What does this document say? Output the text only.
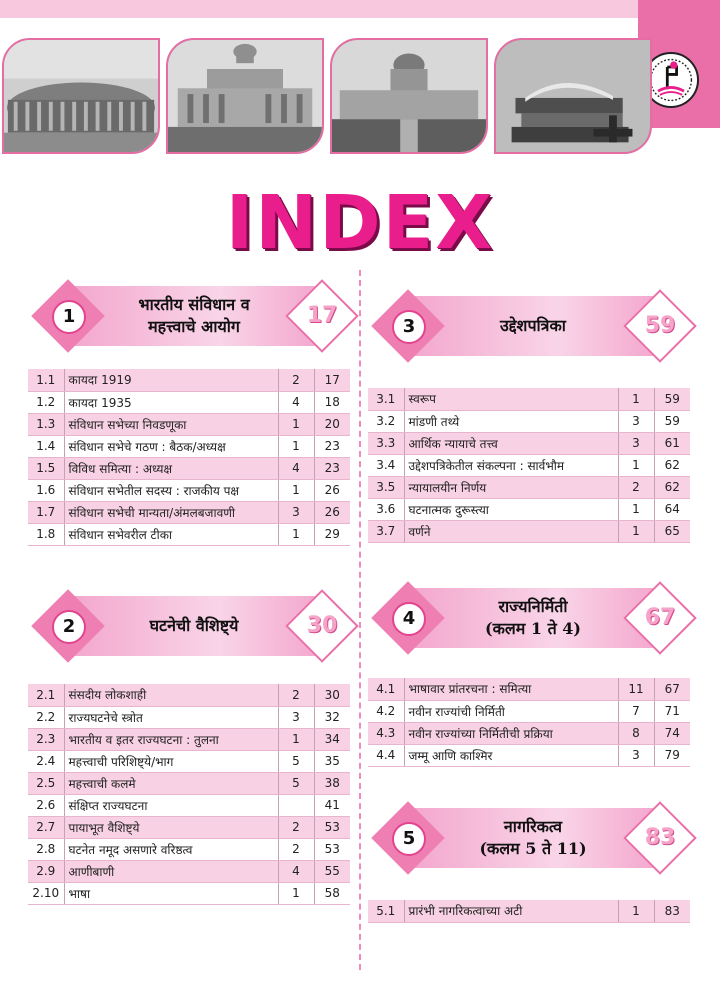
INDEX
1
भारतीय संविधान व
महत्त्वाचे आयोग	17
1.1	कायदा 1919	2	17
1.2	कायदा 1935	4	18
1.3	संविधान सभेच्या निवडणूका	1	20
1.4	संविधान सभेचे गठण : बैठक/अध्यक्ष	1	23
1.5	विविध समित्या : अध्यक्ष	4	23
1.6	संविधान सभेतील सदस्य : राजकीय पक्ष	1	26
1.7	संविधान सभेची मान्यता/अंमलबजावणी	3	26
1.8	संविधान सभेवरील टीका	1	29
2	घटनेची वैशिष्ट्ये	30
2.1	संसदीय लोकशाही	2	30
2.2	राज्यघटनेचे स्त्रोत	3	32
2.3	भारतीय व इतर राज्यघटना : तुलना	1	34
2.4	महत्त्वाची परिशिष्ट्ये/भाग	5	35
2.5	महत्त्वाची कलमे	5	38
2.6	संक्षिप्त राज्यघटना		41
2.7	पायाभूत वैशिष्ट्ये	2	53
2.8	घटनेत नमूद असणारे वरिष्ठत्व	2	53
2.9	आणीबाणी	4	55
2.10	भाषा	1	58
3	उद्देशपत्रिका	59
3.1	स्वरूप	1	59
3.2	मांडणी तथ्ये	3	59
3.3	आर्थिक न्यायाचे तत्त्व	3	61
3.4	उद्देशपत्रिकेतील संकल्पना : सार्वभौम	1	62
3.5	न्यायालयीन निर्णय	2	62
3.6	घटनात्मक दुरूस्त्या	1	64
3.7	वर्णने	1	65
4
राज्यनिर्मिती
(कलम 1 ते 4)	67
4.1	भाषावार प्रांतरचना : समित्या	11	67
4.2	नवीन राज्यांची निर्मिती	7	71
4.3	नवीन राज्यांच्या निर्मितीची प्रक्रिया	8	74
4.4	जम्मू आणि काश्मिर	3	79
5
नागरिकत्व
(कलम 5 ते 11)	83
5.1	प्रारंभी नागरिकत्वाच्या अटी	1	83
